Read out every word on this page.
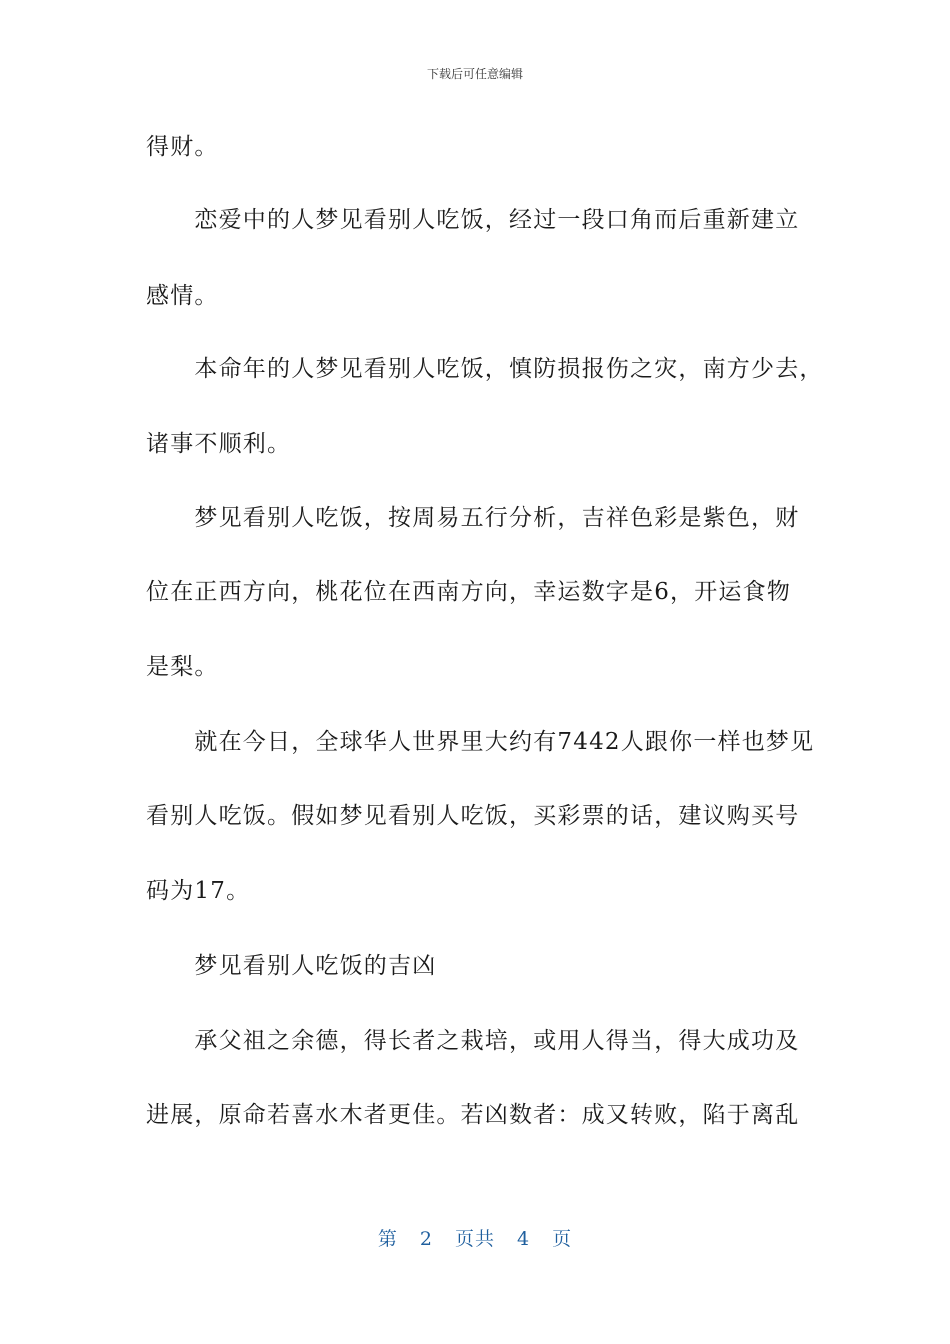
下载后可任意编辑
得财。
　　恋爱中的人梦见看别人吃饭，经过一段口角而后重新建立
感情。
　　本命年的人梦见看别人吃饭，慎防损报伤之灾，南方少去，
诸事不顺利。
　　梦见看别人吃饭，按周易五行分析，吉祥色彩是紫色，财
位在正西方向，桃花位在西南方向，幸运数字是6，开运食物
是梨。
　　就在今日，全球华人世界里大约有7442人跟你一样也梦见
看别人吃饭。假如梦见看别人吃饭，买彩票的话，建议购买号
码为17。
　　梦见看别人吃饭的吉凶
　　承父祖之余德，得长者之栽培，或用人得当，得大成功及
进展，原命若喜水木者更佳。若凶数者：成又转败，陷于离乱
第 2 页共 4 页
